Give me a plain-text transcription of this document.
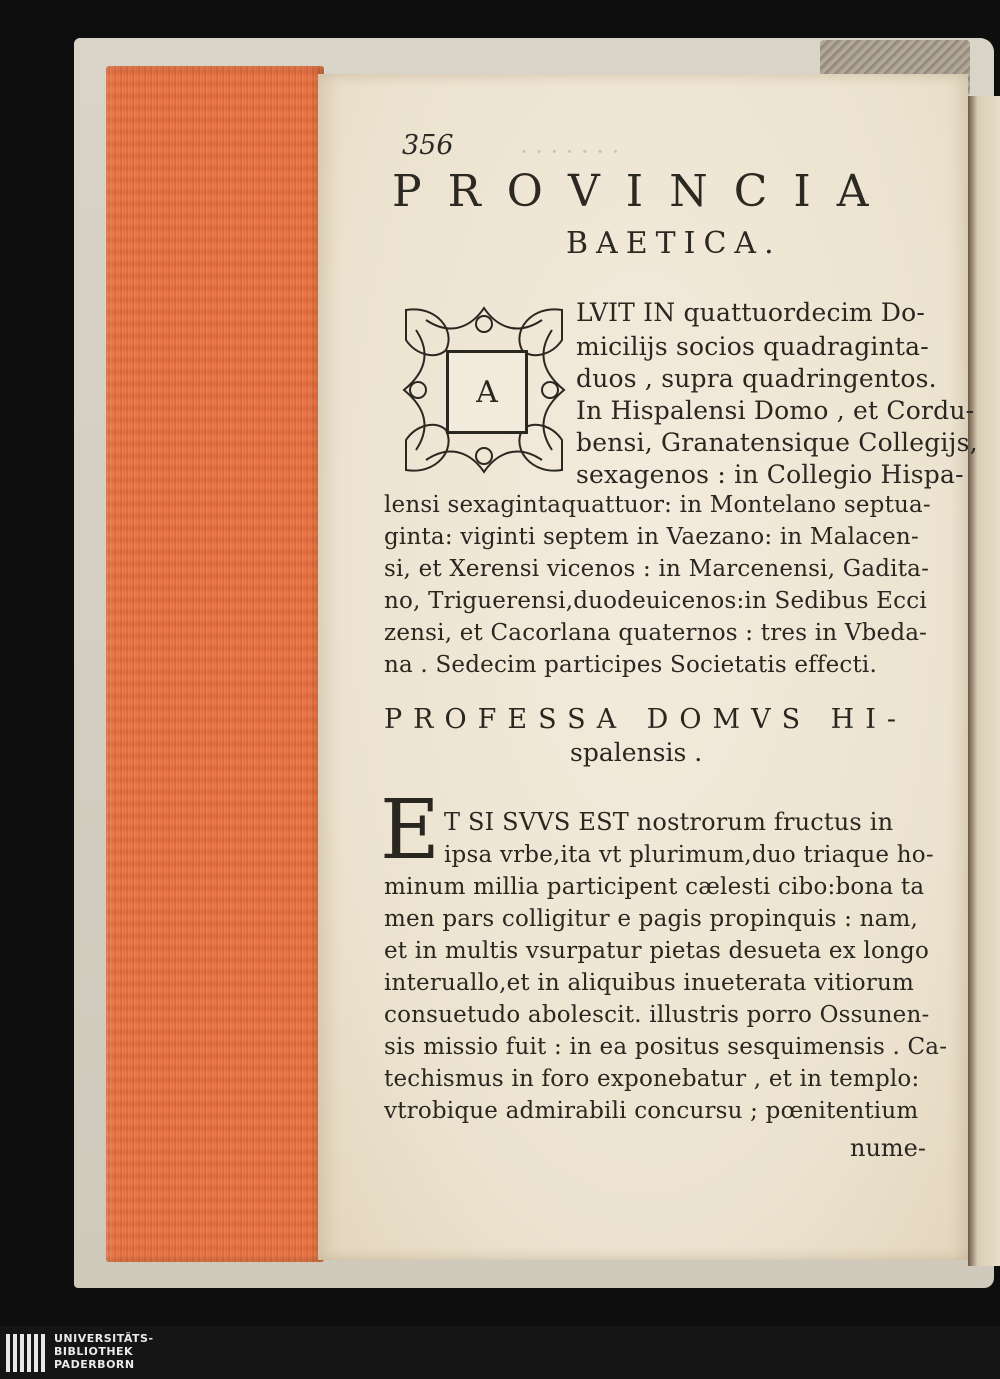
· · · · · · ·
356
PROVINCIA
BAETICA.
A
LVIT IN quattuordecim Do-
micilijs socios quadraginta-
duos , supra quadringentos.
In Hispalensi Domo , et Cordu-
bensi, Granatensique Collegijs,
sexagenos : in Collegio Hispa-
lensi sexagintaquattuor: in Montelano septua-
ginta: viginti septem in Vaezano: in Malacen-
si, et Xerensi vicenos : in Marcenensi, Gadita-
no, Triguerensi,duodeuicenos:in Sedibus Ecci
zensi, et Cacorlana quaternos : tres in Vbeda-
na . Sedecim participes Societatis effecti.
PROFESSA DOMVS HI-
spalensis .
E T SI SVVS EST nostrorum fructus in
ipsa vrbe,ita vt plurimum,duo triaque ho-
minum millia participent cælesti cibo:bona ta
men pars colligitur e pagis propinquis : nam,
et in multis vsurpatur pietas desueta ex longo
interuallo,et in aliquibus inueterata vitiorum
consuetudo abolescit. illustris porro Ossunen-
sis missio fuit : in ea positus sesquimensis . Ca-
techismus in foro exponebatur , et in templo:
vtrobique admirabili concursu ; pœnitentium
nume-
UNIVERSITÄTS-
BIBLIOTHEK
PADERBORN
